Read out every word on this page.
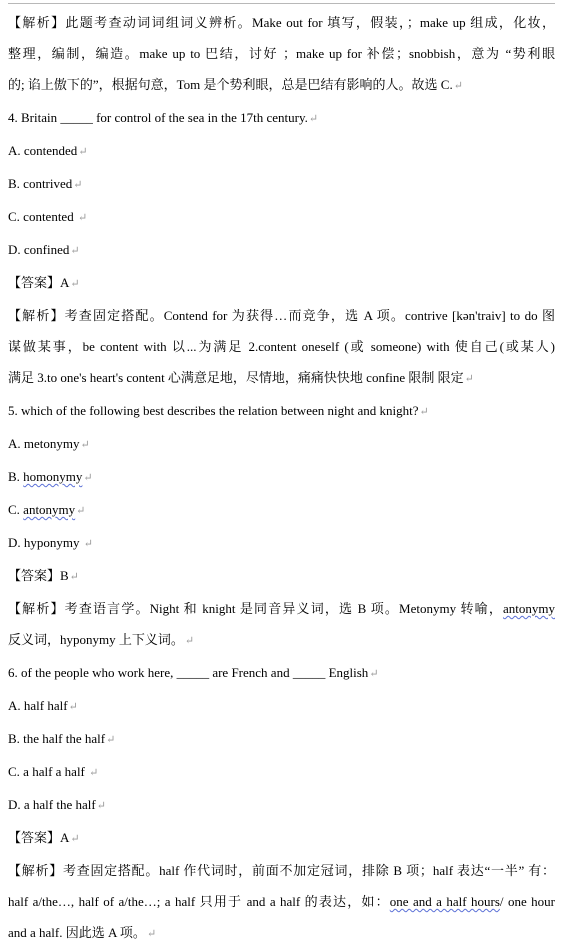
【解析】此题考查动词词组词义辨析。Make out for 填写，假装，；make up 组成，化妆，
整理，编制，编造。make up to 巴结，讨好 ；make up for 补偿；snobbish，意为 “势利眼
的; 谄上傲下的”，根据句意，Tom 是个势利眼，总是巴结有影响的人。故选 C.↵
4. Britain _____ for control of the sea in the 17th century.↵
A. contended↵
B. contrived↵
C. contented ↵
D. confined↵
【答案】A↵
【解析】考查固定搭配。Contend for 为获得…而竞争，选 A 项。contrive [kən'traiv] to do 图
谋做某事，be content with 以...为满足 2.content oneself (或 someone) with 使自己(或某人)
满足 3.to one's heart's content 心满意足地，尽情地，痛痛快快地 confine 限制 限定↵
5. which of the following best describes the relation between night and knight?↵
A. metonymy↵
B. homonymy↵
C. antonymy↵
D. hyponymy ↵
【答案】B↵
【解析】考查语言学。Night 和 knight 是同音异义词，选 B 项。Metonymy 转喻，antonymy
反义词，hyponymy 上下义词。↵
6. of the people who work here, _____ are French and _____ English↵
A. half half↵
B. the half the half↵
C. a half a half ↵
D. a half the half↵
【答案】A↵
【解析】考查固定搭配。half 作代词时，前面不加定冠词，排除 B 项；half 表达“一半” 有：
half a/the…, half of a/the…; a half 只用于 and a half 的表达，如：one and a half hours/ one hour
and a half. 因此选 A 项。↵
